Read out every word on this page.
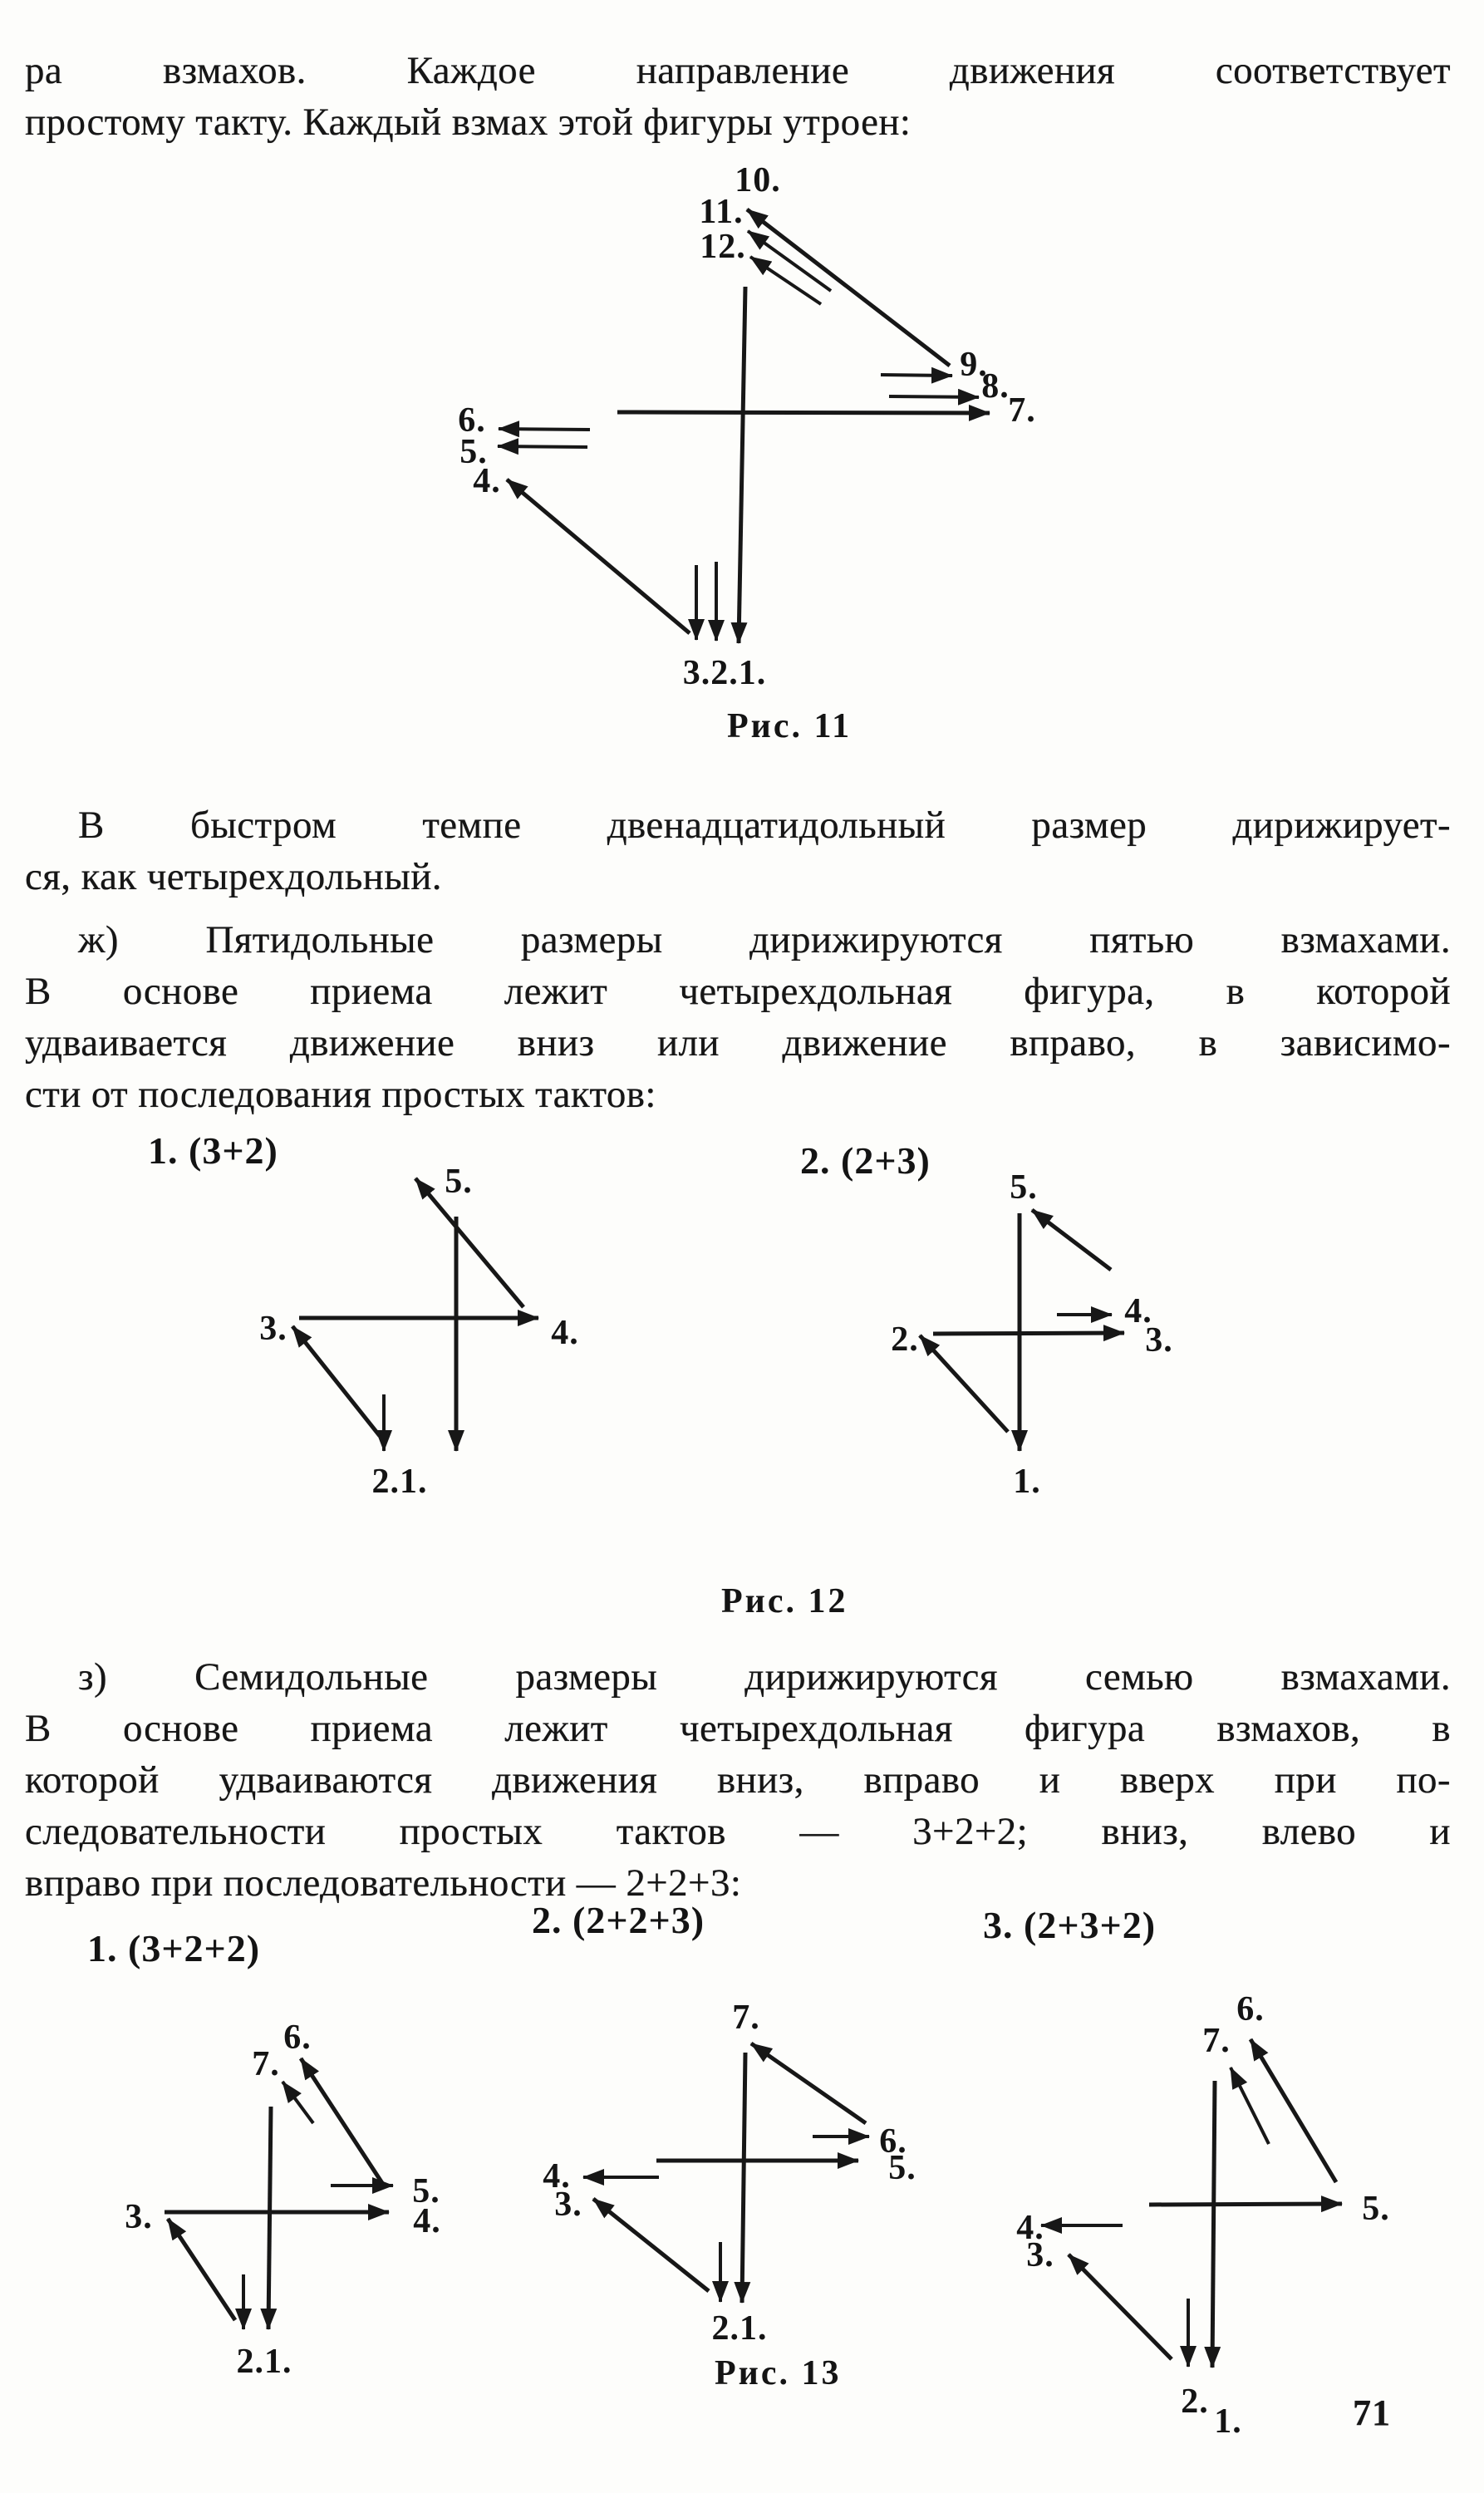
ра взмахов. Каждое направление движения соответствует
простому такту. Каждый взмах этой фигуры утроен:
В быстром темпе двенадцатидольный размер дирижирует-
ся, как четырехдольный.
ж) Пятидольные размеры дирижируются пятью взмахами.
В основе приема лежит четырехдольная фигура, в которой
удваивается движение вниз или движение вправо, в зависимо-
сти от последования простых тактов:
з) Семидольные размеры дирижируются семью взмахами.
В основе приема лежит четырехдольная фигура взмахов, в
которой удваиваются движения вниз, вправо и вверх при по-
следовательности простых тактов — 3+2+2; вниз, влево и
вправо при последовательности — 2+2+3:
10.
11.
12.
9.
8.
7.
6.
5.
4.
3.2.1.
Рис. 11
5.
3.	4.
2.1.
1. (3+2)
5.
2.	3.
4.
1.
2. (2+3)
Рис. 12
6.
7.
5.
4.
3.
2.1.
1. (3+2+2)
7.
6.
5.
4.
3.
2.1.
2. (2+2+3)
6.
7.
5.
4.
3.
2.
1.
3. (2+3+2)
Рис. 13
71
